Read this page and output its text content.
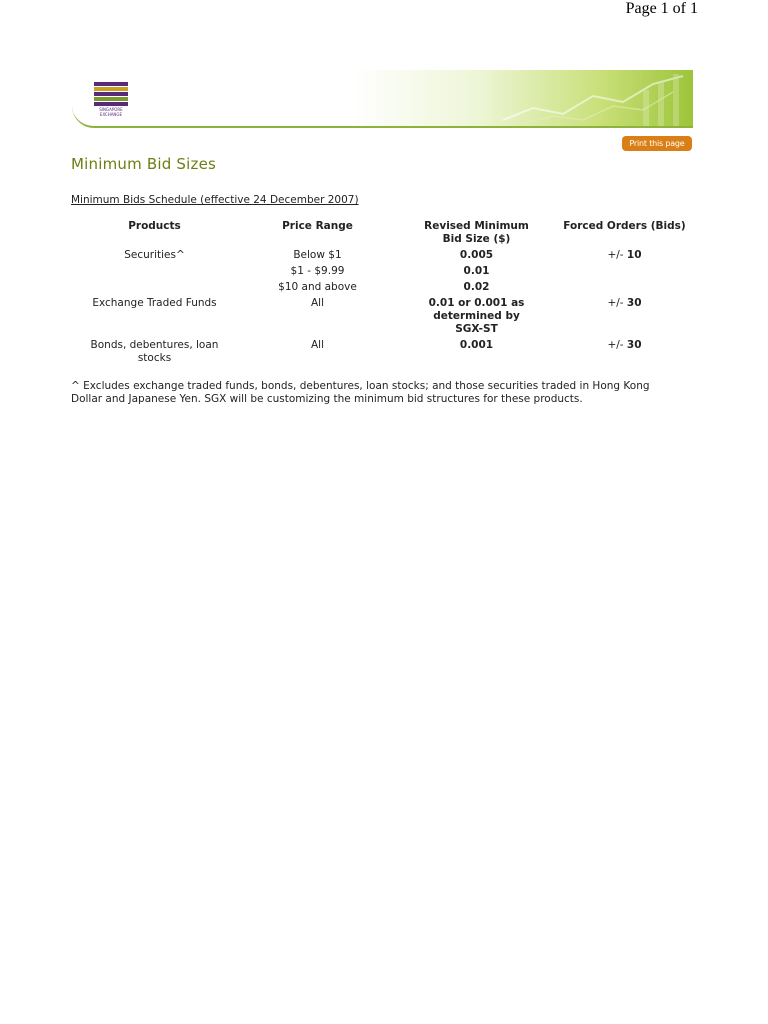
Page 1 of 1
SINGAPORE
EXCHANGE
Print this page
Minimum Bid Sizes
Minimum Bids Schedule (effective 24 December 2007)
Products	Price Range	Revised Minimum Bid Size ($)	Forced Orders (Bids)
Securities^	Below $1	0.005	+/- 10
	$1 - $9.99	0.01	
	$10 and above	0.02	
Exchange Traded Funds	All	0.01 or 0.001 as determined by SGX-ST	+/- 30
Bonds, debentures, loan stocks	All	0.001	+/- 30
^ Excludes exchange traded funds, bonds, debentures, loan stocks; and those securities traded in Hong Kong Dollar and Japanese Yen. SGX will be customizing the minimum bid structures for these products.
